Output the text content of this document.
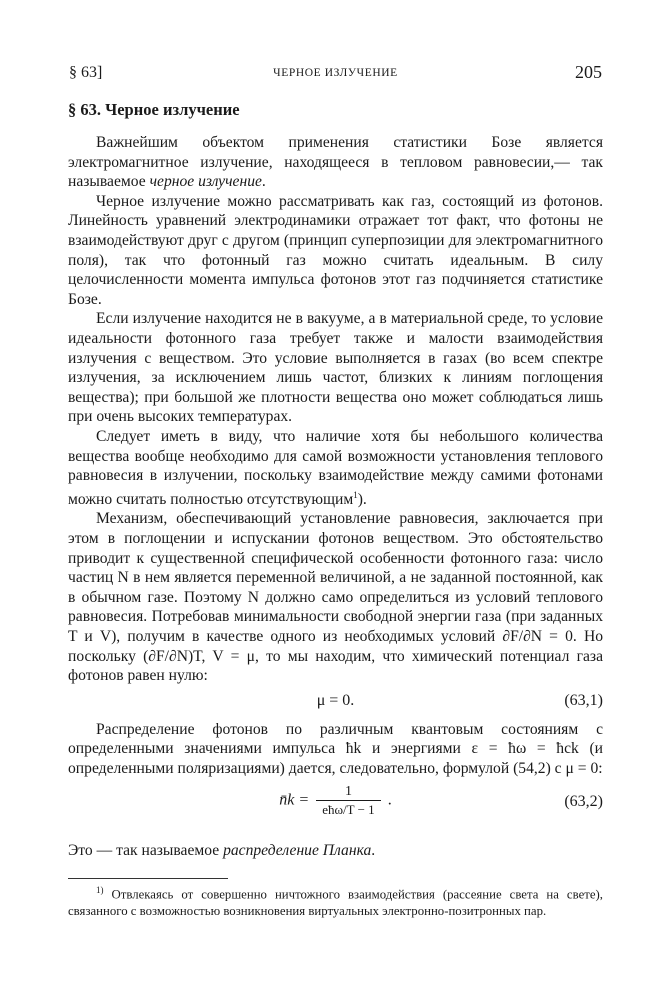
§ 63]	ЧЕРНОЕ ИЗЛУЧЕНИЕ	205
§ 63. Черное излучение

Важнейшим объектом применения статистики Бозе является электромагнитное излучение, находящееся в тепловом равновесии,— так называемое черное излучение.

Черное излучение можно рассматривать как газ, состоящий из фотонов. Линейность уравнений электродинамики отражает тот факт, что фотоны не взаимодействуют друг с другом (принцип суперпозиции для электромагнитного поля), так что фотонный газ можно считать идеальным. В силу целочисленности момента импульса фотонов этот газ подчиняется статистике Бозе.

Если излучение находится не в вакууме, а в материальной среде, то условие идеальности фотонного газа требует также и малости взаимодействия излучения с веществом. Это условие выполняется в газах (во всем спектре излучения, за исключением лишь частот, близких к линиям поглощения вещества); при большой же плотности вещества оно может соблюдаться лишь при очень высоких температурах.

Следует иметь в виду, что наличие хотя бы небольшого количества вещества вообще необходимо для самой возможности установления теплового равновесия в излучении, поскольку взаимодействие между самими фотонами можно считать полностью отсутствующим$^1$).

Механизм, обеспечивающий установление равновесия, заключается при этом в поглощении и испускании фотонов веществом. Это обстоятельство приводит к существенной специфической особенности фотонного газа: число частиц N в нем является переменной величиной, а не заданной постоянной, как в обычном газе. Поэтому N должно само определиться из условий теплового равновесия. Потребовав минимальности свободной энергии газа (при заданных T и V), получим в качестве одного из необходимых условий ∂F/∂N = 0. Но поскольку (∂F/∂N)T, V = μ, то мы находим, что химический потенциал газа фотонов равен нулю:

μ = 0.	(63,1)

Распределение фотонов по различным квантовым состояниям с определенными значениями импульса ħk и энергиями ε = ħω = ħck (и определенными поляризациями) дается, следовательно, формулой (54,2) с μ = 0:

n̄k = $\frac{1}{\text{eħω/T − 1}}$ .	(63,2)

Это — так называемое распределение Планка.

$^{1)}$ Отвлекаясь от совершенно ничтожного взаимодействия (рассеяние света на свете), связанного с возможностью возникновения виртуальных электронно-позитронных пар.
